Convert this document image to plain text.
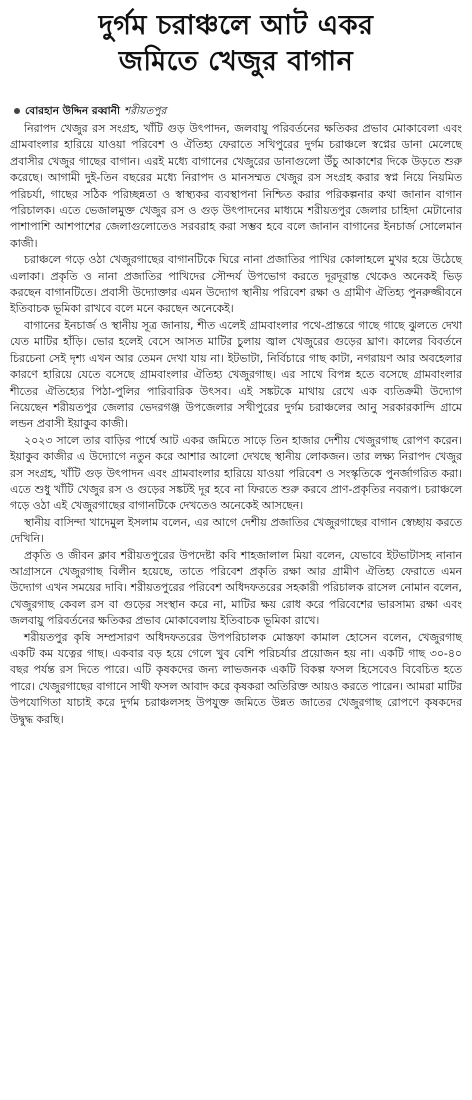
দুর্গম চরাঞ্চলে আট একর
জমিতে খেজুর বাগান
বোরহান উদ্দিন রব্বানী শরীয়তপুর

নিরাপদ খেজুর রস সংগ্রহ, খাঁটি গুড় উৎপাদন, জলবায়ু পরিবর্তনের ক্ষতিকর প্রভাব মোকাবেলা এবং গ্রামবাংলার হারিয়ে যাওয়া পরিবেশ ও ঐতিহ্য ফেরাতে সখিপুরের দুর্গম চরাঞ্চলে স্বপ্নের ডানা মেলেছে প্রবাসীর খেজুর গাছের বাগান। এরই মধ্যে বাগানের খেজুরের ডানাগুলো উঁচু আকাশের দিকে উড়তে শুরু করেছে। আগামী দুই-তিন বছরের মধ্যে নিরাপদ ও মানসম্মত খেজুর রস সংগ্রহ করার স্বপ্ন নিয়ে নিয়মিত পরিচর্যা, গাছের সঠিক পরিচ্ছন্নতা ও স্বাস্থ্যকর ব্যবস্থাপনা নিশ্চিত করার পরিকল্পনার কথা জানান বাগান পরিচালক। এতে ভেজালমুক্ত খেজুর রস ও গুড় উৎপাদনের মাধ্যমে শরীয়তপুর জেলার চাহিদা মেটানোর পাশাপাশি আশপাশের জেলাগুলোতেও সরবরাহ করা সম্ভব হবে বলে জানান বাগানের ইনচার্জ সোলেমান কাজী।

চরাঞ্চলে গড়ে ওঠা খেজুরগাছের বাগানটিকে ঘিরে নানা প্রজাতির পাখির কোলাহলে মুখর হয়ে উঠেছে এলাকা। প্রকৃতি ও নানা প্রজাতির পাখিদের সৌন্দর্য উপভোগ করতে দূরদূরান্ত থেকেও অনেকই ভিড় করছেন বাগানটিতে। প্রবাসী উদ্যোক্তার এমন উদ্যোগ স্থানীয় পরিবেশ রক্ষা ও গ্রামীণ ঐতিহ্য পুনরুজ্জীবনে ইতিবাচক ভূমিকা রাখবে বলে মনে করছেন অনেকেই।

বাগানের ইনচার্জ ও স্থানীয় সূত্র জানায়, শীত এলেই গ্রামবাংলার পথে-প্রান্তরে গাছে গাছে ঝুলতে দেখা যেত মাটির হাঁড়ি। ভোর হলেই বেসে আসত মাটির চুলায় জ্বাল খেজুরের গুড়ের ঘ্রাণ। কালের বিবর্তনে চিরচেনা সেই দৃশ্য এখন আর তেমন দেখা যায় না। ইটভাটা, নির্বিচারে গাছ কাটা, নগরায়ণ আর অবহেলার কারণে হারিয়ে যেতে বসেছে গ্রামবাংলার ঐতিহ্য খেজুরগাছ। এর সাথে বিপন্ন হতে বসেছে গ্রামবাংলার শীতের ঐতিহ্যের পিঠা-পুলির পারিবারিক উৎসব। এই সঙ্কটকে মাথায় রেখে এক ব্যতিক্রমী উদ্যোগ নিয়েছেন শরীয়তপুর জেলার ভেদরগঞ্জ উপজেলার সখীপুরের দুর্গম চরাঞ্চলের আনু সরকারকান্দি গ্রামে লন্ডন প্রবাসী ইয়াকুব কাজী।

২০২৩ সালে তার বাড়ির পার্শ্বে আট একর জমিতে সাড়ে তিন হাজার দেশীয় খেজুরগাছ রোপণ করেন। ইয়াকুব কাজীর এ উদ্যোগে নতুন করে আশার আলো দেখছে স্থানীয় লোকজন। তার লক্ষ্য নিরাপদ খেজুর রস সংগ্রহ, খাঁটি গুড় উৎপাদন এবং গ্রামবাংলার হারিয়ে যাওয়া পরিবেশ ও সংস্কৃতিকে পুনর্জাগরিত করা। এতে শুধু খাঁটি খেজুর রস ও গুড়ের সঙ্কটই দূর হবে না ফিরতে শুরু করবে প্রাণ-প্রকৃতির নবরূপ। চরাঞ্চলে গড়ে ওঠা এই খেজুরগাছের বাগানটিকে দেখতেও অনেকেই আসছেন।

স্থানীয় বাসিন্দা খাদেমুল ইসলাম বলেন, এর আগে দেশীয় প্রজাতির খেজুরগাছের বাগান স্বেচ্ছায় করতে দেখিনি।

প্রকৃতি ও জীবন ক্লাব শরীয়তপুরের উপদেষ্টা কবি শাহজালাল মিয়া বলেন, যেভাবে ইটভাটাসহ নানান আগ্রাসনে খেজুরগাছ বিলীন হয়েছে, তাতে পরিবেশ প্রকৃতি রক্ষা আর গ্রামীণ ঐতিহ্য ফেরাতে এমন উদ্যোগ এখন সময়ের দাবি। শরীয়তপুরের পরিবেশ অধিদফতরের সহকারী পরিচালক রাসেল নোমান বলেন, খেজুরগাছ কেবল রস বা গুড়ের সংস্থান করে না, মাটির ক্ষয় রোধ করে পরিবেশের ভারসাম্য রক্ষা এবং জলবায়ু পরিবর্তনের ক্ষতিকর প্রভাব মোকাবেলায় ইতিবাচক ভূমিকা রাখে।

শরীয়তপুর কৃষি সম্প্রসারণ অধিদফতরের উপপরিচালক মোস্তফা কামাল হোসেন বলেন, খেজুরগাছ একটি কম যত্নের গাছ। একবার বড় হয়ে গেলে খুব বেশি পরিচর্যার প্রয়োজন হয় না। একটি গাছ ৩০-৪০ বছর পর্যন্ত রস দিতে পারে। এটি কৃষকদের জন্য লাভজনক একটি বিকল্প ফসল হিসেবেও বিবেচিত হতে পারে। খেজুরগাছের বাগানে সাথী ফসল আবাদ করে কৃষকরা অতিরিক্ত আয়ও করতে পারেন। আমরা মাটির উপযোগিতা যাচাই করে দুর্গম চরাঞ্চলসহ উপযুক্ত জমিতে উন্নত জাতের খেজুরগাছ রোপণে কৃষকদের উদ্বুদ্ধ করছি।
